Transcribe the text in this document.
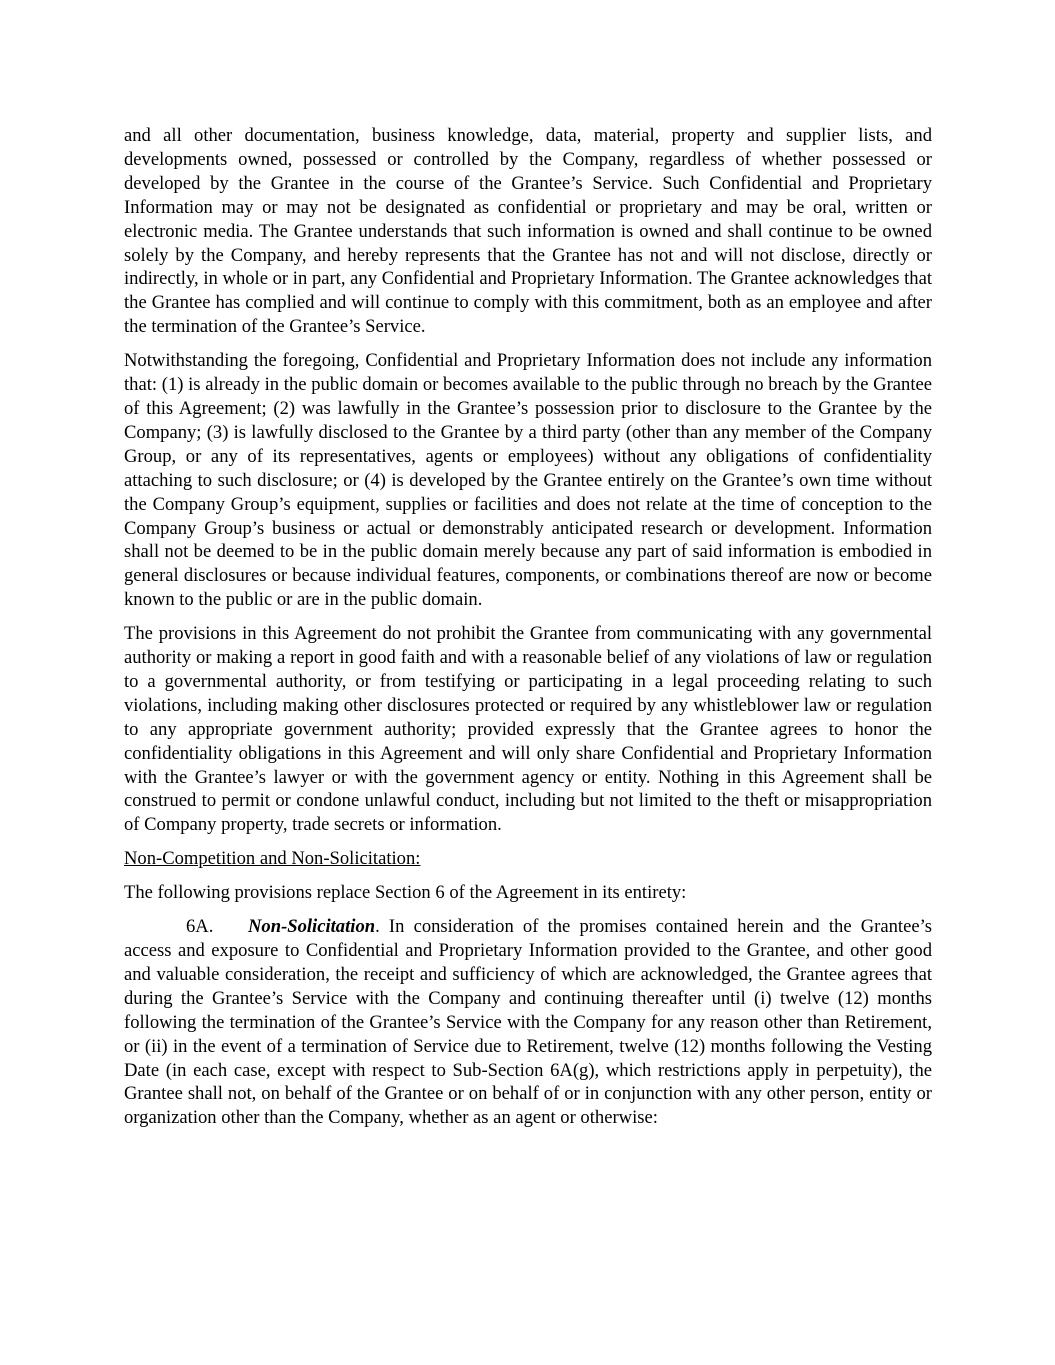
and all other documentation, business knowledge, data, material, property and supplier lists, and developments owned, possessed or controlled by the Company, regardless of whether possessed or developed by the Grantee in the course of the Grantee’s Service. Such Confidential and Proprietary Information may or may not be designated as confidential or proprietary and may be oral, written or electronic media. The Grantee understands that such information is owned and shall continue to be owned solely by the Company, and hereby represents that the Grantee has not and will not disclose, directly or indirectly, in whole or in part, any Confidential and Proprietary Information. The Grantee acknowledges that the Grantee has complied and will continue to comply with this commitment, both as an employee and after the termination of the Grantee’s Service.

Notwithstanding the foregoing, Confidential and Proprietary Information does not include any information that: (1) is already in the public domain or becomes available to the public through no breach by the Grantee of this Agreement; (2) was lawfully in the Grantee’s possession prior to disclosure to the Grantee by the Company; (3) is lawfully disclosed to the Grantee by a third party (other than any member of the Company Group, or any of its representatives, agents or employees) without any obligations of confidentiality attaching to such disclosure; or (4) is developed by the Grantee entirely on the Grantee’s own time without the Company Group’s equipment, supplies or facilities and does not relate at the time of conception to the Company Group’s business or actual or demonstrably anticipated research or development. Information shall not be deemed to be in the public domain merely because any part of said information is embodied in general disclosures or because individual features, components, or combinations thereof are now or become known to the public or are in the public domain.

The provisions in this Agreement do not prohibit the Grantee from communicating with any governmental authority or making a report in good faith and with a reasonable belief of any violations of law or regulation to a governmental authority, or from testifying or participating in a legal proceeding relating to such violations, including making other disclosures protected or required by any whistleblower law or regulation to any appropriate government authority; provided expressly that the Grantee agrees to honor the confidentiality obligations in this Agreement and will only share Confidential and Proprietary Information with the Grantee’s lawyer or with the government agency or entity. Nothing in this Agreement shall be construed to permit or condone unlawful conduct, including but not limited to the theft or misappropriation of Company property, trade secrets or information.

Non-Competition and Non-Solicitation:

The following provisions replace Section 6 of the Agreement in its entirety:

6A. Non-Solicitation. In consideration of the promises contained herein and the Grantee’s access and exposure to Confidential and Proprietary Information provided to the Grantee, and other good and valuable consideration, the receipt and sufficiency of which are acknowledged, the Grantee agrees that during the Grantee’s Service with the Company and continuing thereafter until (i) twelve (12) months following the termination of the Grantee’s Service with the Company for any reason other than Retirement, or (ii) in the event of a termination of Service due to Retirement, twelve (12) months following the Vesting Date (in each case, except with respect to Sub-Section 6A(g), which restrictions apply in perpetuity), the Grantee shall not, on behalf of the Grantee or on behalf of or in conjunction with any other person, entity or organization other than the Company, whether as an agent or otherwise:
